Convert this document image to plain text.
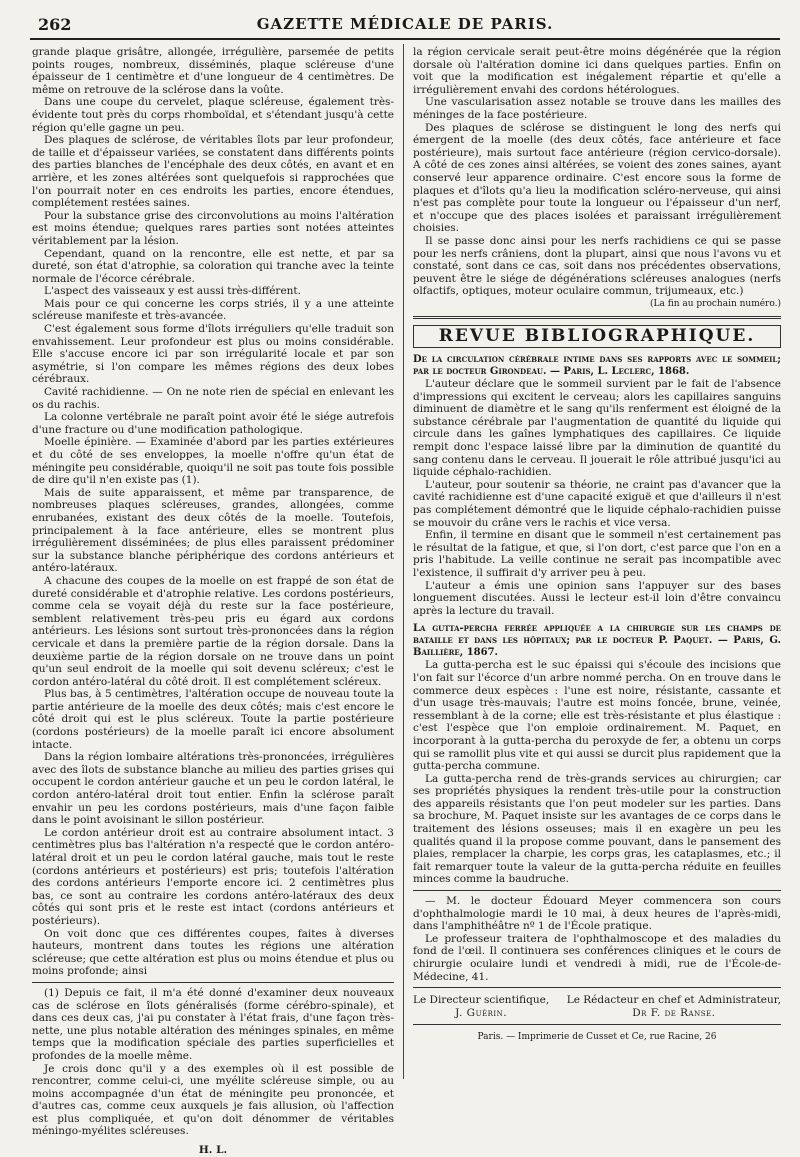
262	GAZETTE MÉDICALE DE PARIS.

grande plaque grisâtre, allongée, irrégulière, parsemée de petits points rouges, nombreux, disséminés, plaque scléreuse d'une épaisseur de 1 centimètre et d'une longueur de 4 centimètres. De même on retrouve de la sclérose dans la voûte.

Dans une coupe du cervelet, plaque scléreuse, également très-évidente tout près du corps rhomboïdal, et s'étendant jusqu'à cette région qu'elle gagne un peu.

Des plaques de sclérose, de véritables îlots par leur profondeur, de taille et d'épaisseur variées, se constatent dans différents points des parties blanches de l'encéphale des deux côtés, en avant et en arrière, et les zones altérées sont quelquefois si rapprochées que l'on pourrait noter en ces endroits les parties, encore étendues, complétement restées saines.

Pour la substance grise des circonvolutions au moins l'altération est moins étendue; quelques rares parties sont notées atteintes véritablement par la lésion.

Cependant, quand on la rencontre, elle est nette, et par sa dureté, son état d'atrophie, sa coloration qui tranche avec la teinte normale de l'écorce cérébrale.

L'aspect des vaisseaux y est aussi très-différent.

Mais pour ce qui concerne les corps striés, il y a une atteinte scléreuse manifeste et très-avancée.

C'est également sous forme d'îlots irréguliers qu'elle traduit son envahissement. Leur profondeur est plus ou moins considérable. Elle s'accuse encore ici par son irrégularité locale et par son asymétrie, si l'on compare les mêmes régions des deux lobes cérébraux.

Cavité rachidienne. — On ne note rien de spécial en enlevant les os du rachis.

La colonne vertébrale ne paraît point avoir été le siége autrefois d'une fracture ou d'une modification pathologique.

Moelle épinière. — Examinée d'abord par les parties extérieures et du côté de ses enveloppes, la moelle n'offre qu'un état de méningite peu considérable, quoiqu'il ne soit pas toute fois possible de dire qu'il n'en existe pas (1).

Mais de suite apparaissent, et même par transparence, de nombreuses plaques scléreuses, grandes, allongées, comme enrubanées, existant des deux côtés de la moelle. Toutefois, principalement à la face antérieure, elles se montrent plus irrégulièrement disséminées; de plus elles paraissent prédominer sur la substance blanche périphérique des cordons antérieurs et antéro-latéraux.

A chacune des coupes de la moelle on est frappé de son état de dureté considérable et d'atrophie relative. Les cordons postérieurs, comme cela se voyait déjà du reste sur la face postérieure, semblent relativement très-peu pris eu égard aux cordons antérieurs. Les lésions sont surtout très-prononcées dans la région cervicale et dans la première partie de la région dorsale. Dans la deuxième partie de la région dorsale on ne trouve dans un point qu'un seul endroit de la moelle qui soit devenu scléreux; c'est le cordon antéro-latéral du côté droit. Il est complétement scléreux.

Plus bas, à 5 centimètres, l'altération occupe de nouveau toute la partie antérieure de la moelle des deux côtés; mais c'est encore le côté droit qui est le plus scléreux. Toute la partie postérieure (cordons postérieurs) de la moelle paraît ici encore absolument intacte.

Dans la région lombaire altérations très-prononcées, irrégulières avec des îlots de substance blanche au milieu des parties grises qui occupent le cordon antérieur gauche et un peu le cordon latéral, le cordon antéro-latéral droit tout entier. Enfin la sclérose paraît envahir un peu les cordons postérieurs, mais d'une façon faible dans le point avoisinant le sillon postérieur.

Le cordon antérieur droit est au contraire absolument intact. 3 centimètres plus bas l'altération n'a respecté que le cordon antéro-latéral droit et un peu le cordon latéral gauche, mais tout le reste (cordons antérieurs et postérieurs) est pris; toutefois l'altération des cordons antérieurs l'emporte encore ici. 2 centimètres plus bas, ce sont au contraire les cordons antéro-latéraux des deux côtés qui sont pris et le reste est intact (cordons antérieurs et postérieurs).

On voit donc que ces différentes coupes, faites à diverses hauteurs, montrent dans toutes les régions une altération scléreuse; que cette altération est plus ou moins étendue et plus ou moins profonde; ainsi

(1) Depuis ce fait, il m'a été donné d'examiner deux nouveaux cas de sclérose en îlots généralisés (forme cérébro-spinale), et dans ces deux cas, j'ai pu constater à l'état frais, d'une façon très-nette, une plus notable altération des méninges spinales, en même temps que la modification spéciale des parties superficielles et profondes de la moelle même.

Je crois donc qu'il y a des exemples où il est possible de rencontrer, comme celui-ci, une myélite scléreuse simple, ou au moins accompagnée d'un état de méningite peu prononcée, et d'autres cas, comme ceux auxquels je fais allusion, où l'affection est plus compliquée, et qu'on doit dénommer de véritables méningo-myélites scléreuses.

H. L.

la région cervicale serait peut-être moins dégénérée que la région dorsale où l'altération domine ici dans quelques parties. Enfin on voit que la modification est inégalement répartie et qu'elle a irrégulièrement envahi des cordons hétérologues.

Une vascularisation assez notable se trouve dans les mailles des méninges de la face postérieure.

Des plaques de sclérose se distinguent le long des nerfs qui émergent de la moelle (des deux côtés, face antérieure et face postérieure), mais surtout face antérieure (région cervico-dorsale). A côté de ces zones ainsi altérées, se voient des zones saines, ayant conservé leur apparence ordinaire. C'est encore sous la forme de plaques et d'îlots qu'a lieu la modification scléro-nerveuse, qui ainsi n'est pas complète pour toute la longueur ou l'épaisseur d'un nerf, et n'occupe que des places isolées et paraissant irrégulièrement choisies.

Il se passe donc ainsi pour les nerfs rachidiens ce qui se passe pour les nerfs crâniens, dont la plupart, ainsi que nous l'avons vu et constaté, sont dans ce cas, soit dans nos précédentes observations, peuvent être le siége de dégénérations scléreuses analogues (nerfs olfactifs, optiques, moteur oculaire commun, trijumeaux, etc.)

(La fin au prochain numéro.)
REVUE BIBLIOGRAPHIQUE.

De la circulation cérébrale intime dans ses rapports avec le sommeil; par le docteur Girondeau. — Paris, L. Leclerc, 1868.

L'auteur déclare que le sommeil survient par le fait de l'absence d'impressions qui excitent le cerveau; alors les capillaires sanguins diminuent de diamètre et le sang qu'ils renferment est éloigné de la substance cérébrale par l'augmentation de quantité du liquide qui circule dans les gaînes lymphatiques des capillaires. Ce liquide rempit donc l'espace laissé libre par la diminution de quantité du sang contenu dans le cerveau. Il jouerait le rôle attribué jusqu'ici au liquide céphalo-rachidien.

L'auteur, pour soutenir sa théorie, ne craint pas d'avancer que la cavité rachidienne est d'une capacité exiguë et que d'ailleurs il n'est pas complétement démontré que le liquide céphalo-rachidien puisse se mouvoir du crâne vers le rachis et vice versa.

Enfin, il termine en disant que le sommeil n'est certainement pas le résultat de la fatigue, et que, si l'on dort, c'est parce que l'on en a pris l'habitude. La veille continue ne serait pas incompatible avec l'existence, il suffirait d'y arriver peu à peu.

L'auteur a émis une opinion sans l'appuyer sur des bases longuement discutées. Aussi le lecteur est-il loin d'être convaincu après la lecture du travail.

La gutta-percha ferrée appliquée a la chirurgie sur les champs de bataille et dans les hôpitaux; par le docteur P. Paquet. — Paris, G. Baillière, 1867.

La gutta-percha est le suc épaissi qui s'écoule des incisions que l'on fait sur l'écorce d'un arbre nommé percha. On en trouve dans le commerce deux espèces : l'une est noire, résistante, cassante et d'un usage très-mauvais; l'autre est moins foncée, brune, veinée, ressemblant à de la corne; elle est très-résistante et plus élastique : c'est l'espèce que l'on emploie ordinairement. M. Paquet, en incorporant à la gutta-percha du peroxyde de fer, a obtenu un corps qui se ramollit plus vite et qui aussi se durcit plus rapidement que la gutta-percha commune.

La gutta-percha rend de très-grands services au chirurgien; car ses propriétés physiques la rendent très-utile pour la construction des appareils résistants que l'on peut modeler sur les parties. Dans sa brochure, M. Paquet insiste sur les avantages de ce corps dans le traitement des lésions osseuses; mais il en exagère un peu les qualités quand il la propose comme pouvant, dans le pansement des plaies, remplacer la charpie, les corps gras, les cataplasmes, etc.; il fait remarquer toute la valeur de la gutta-percha réduite en feuilles minces comme la baudruche.

— M. le docteur Édouard Meyer commencera son cours d'ophthalmologie mardi le 10 mai, à deux heures de l'après-midi, dans l'amphithéâtre nº 1 de l'École pratique.

Le professeur traitera de l'ophthalmoscope et des maladies du fond de l'œil. Il continuera ses conférences cliniques et le cours de chirurgie oculaire lundi et vendredi à midi, rue de l'École-de-Médecine, 41.

Le Directeur scientifique,
J. Guérin.
Le Rédacteur en chef et Administrateur,
Dr F. de Ranse.
Paris. — Imprimerie de Cusset et Ce, rue Racine, 26
